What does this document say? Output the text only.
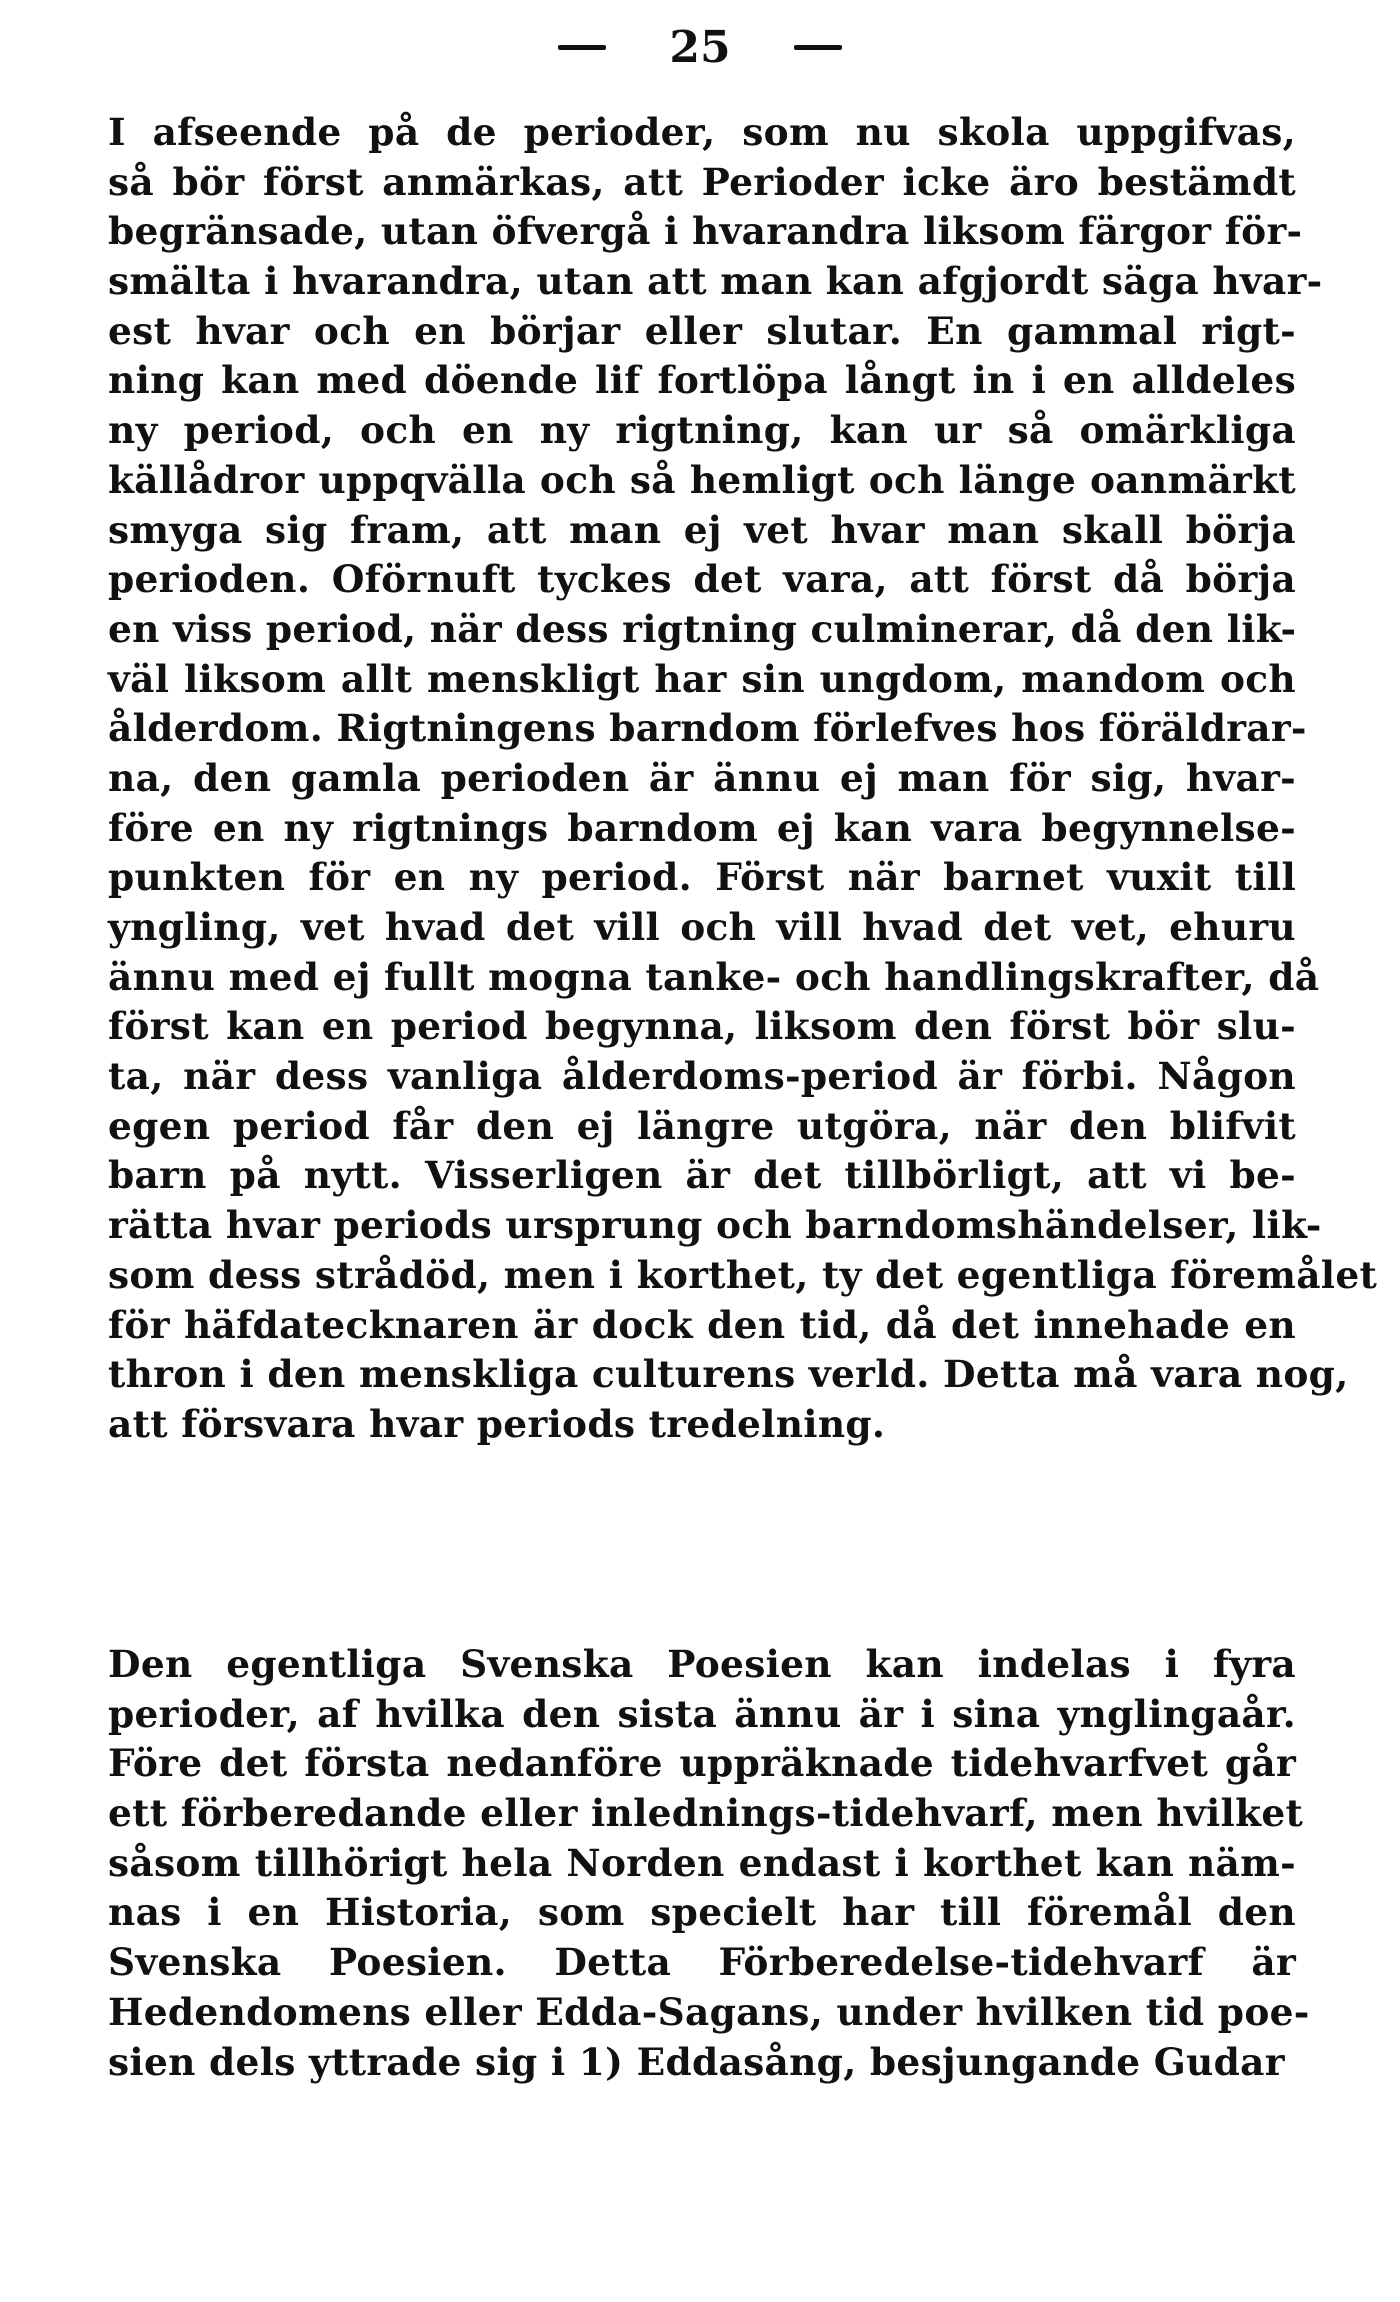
25
I afseende på de perioder, som nu skola uppgifvas,
så bör först anmärkas, att Perioder icke äro bestämdt
begränsade, utan öfvergå i hvarandra liksom färgor för-
smälta i hvarandra, utan att man kan afgjordt säga hvar-
est hvar och en börjar eller slutar. En gammal rigt-
ning kan med döende lif fortlöpa långt in i en alldeles
ny period, och en ny rigtning, kan ur så omärkliga
källådror uppqvälla och så hemligt och länge oanmärkt
smyga sig fram, att man ej vet hvar man skall börja
perioden. Oförnuft tyckes det vara, att först då börja
en viss period, när dess rigtning culminerar, då den lik-
väl liksom allt menskligt har sin ungdom, mandom och
ålderdom. Rigtningens barndom förlefves hos föräldrar-
na, den gamla perioden är ännu ej man för sig, hvar-
före en ny rigtnings barndom ej kan vara begynnelse-
punkten för en ny period. Först när barnet vuxit till
yngling, vet hvad det vill och vill hvad det vet, ehuru
ännu med ej fullt mogna tanke- och handlingskrafter, då
först kan en period begynna, liksom den först bör slu-
ta, när dess vanliga ålderdoms-period är förbi. Någon
egen period får den ej längre utgöra, när den blifvit
barn på nytt. Visserligen är det tillbörligt, att vi be-
rätta hvar periods ursprung och barndomshändelser, lik-
som dess strådöd, men i korthet, ty det egentliga föremålet
för häfdatecknaren är dock den tid, då det innehade en
thron i den menskliga culturens verld. Detta må vara nog,
att försvara hvar periods tredelning.
Den egentliga Svenska Poesien kan indelas i fyra
perioder, af hvilka den sista ännu är i sina ynglingaår.
Före det första nedanföre uppräknade tidehvarfvet går
ett förberedande eller inlednings-tidehvarf, men hvilket
såsom tillhörigt hela Norden endast i korthet kan näm-
nas i en Historia, som specielt har till föremål den
Svenska Poesien. Detta Förberedelse-tidehvarf är
Hedendomens eller Edda-Sagans, under hvilken tid poe-
sien dels yttrade sig i 1) Eddasång, besjungande Gudar
